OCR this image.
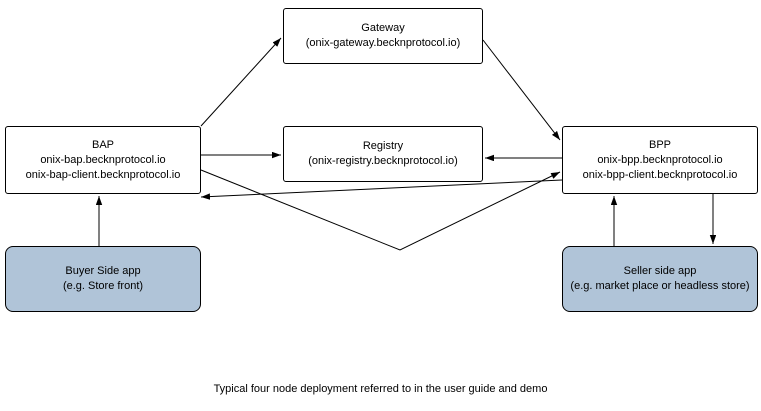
Gateway
(onix-gateway.becknprotocol.io)
BAP
onix-bap.becknprotocol.io
onix-bap-client.becknprotocol.io
Registry
(onix-registry.becknprotocol.io)
BPP
onix-bpp.becknprotocol.io
onix-bpp-client.becknprotocol.io
Buyer Side app
(e.g. Store front)
Seller side app
(e.g. market place or headless store)
Typical four node deployment referred to in the user guide and demo
